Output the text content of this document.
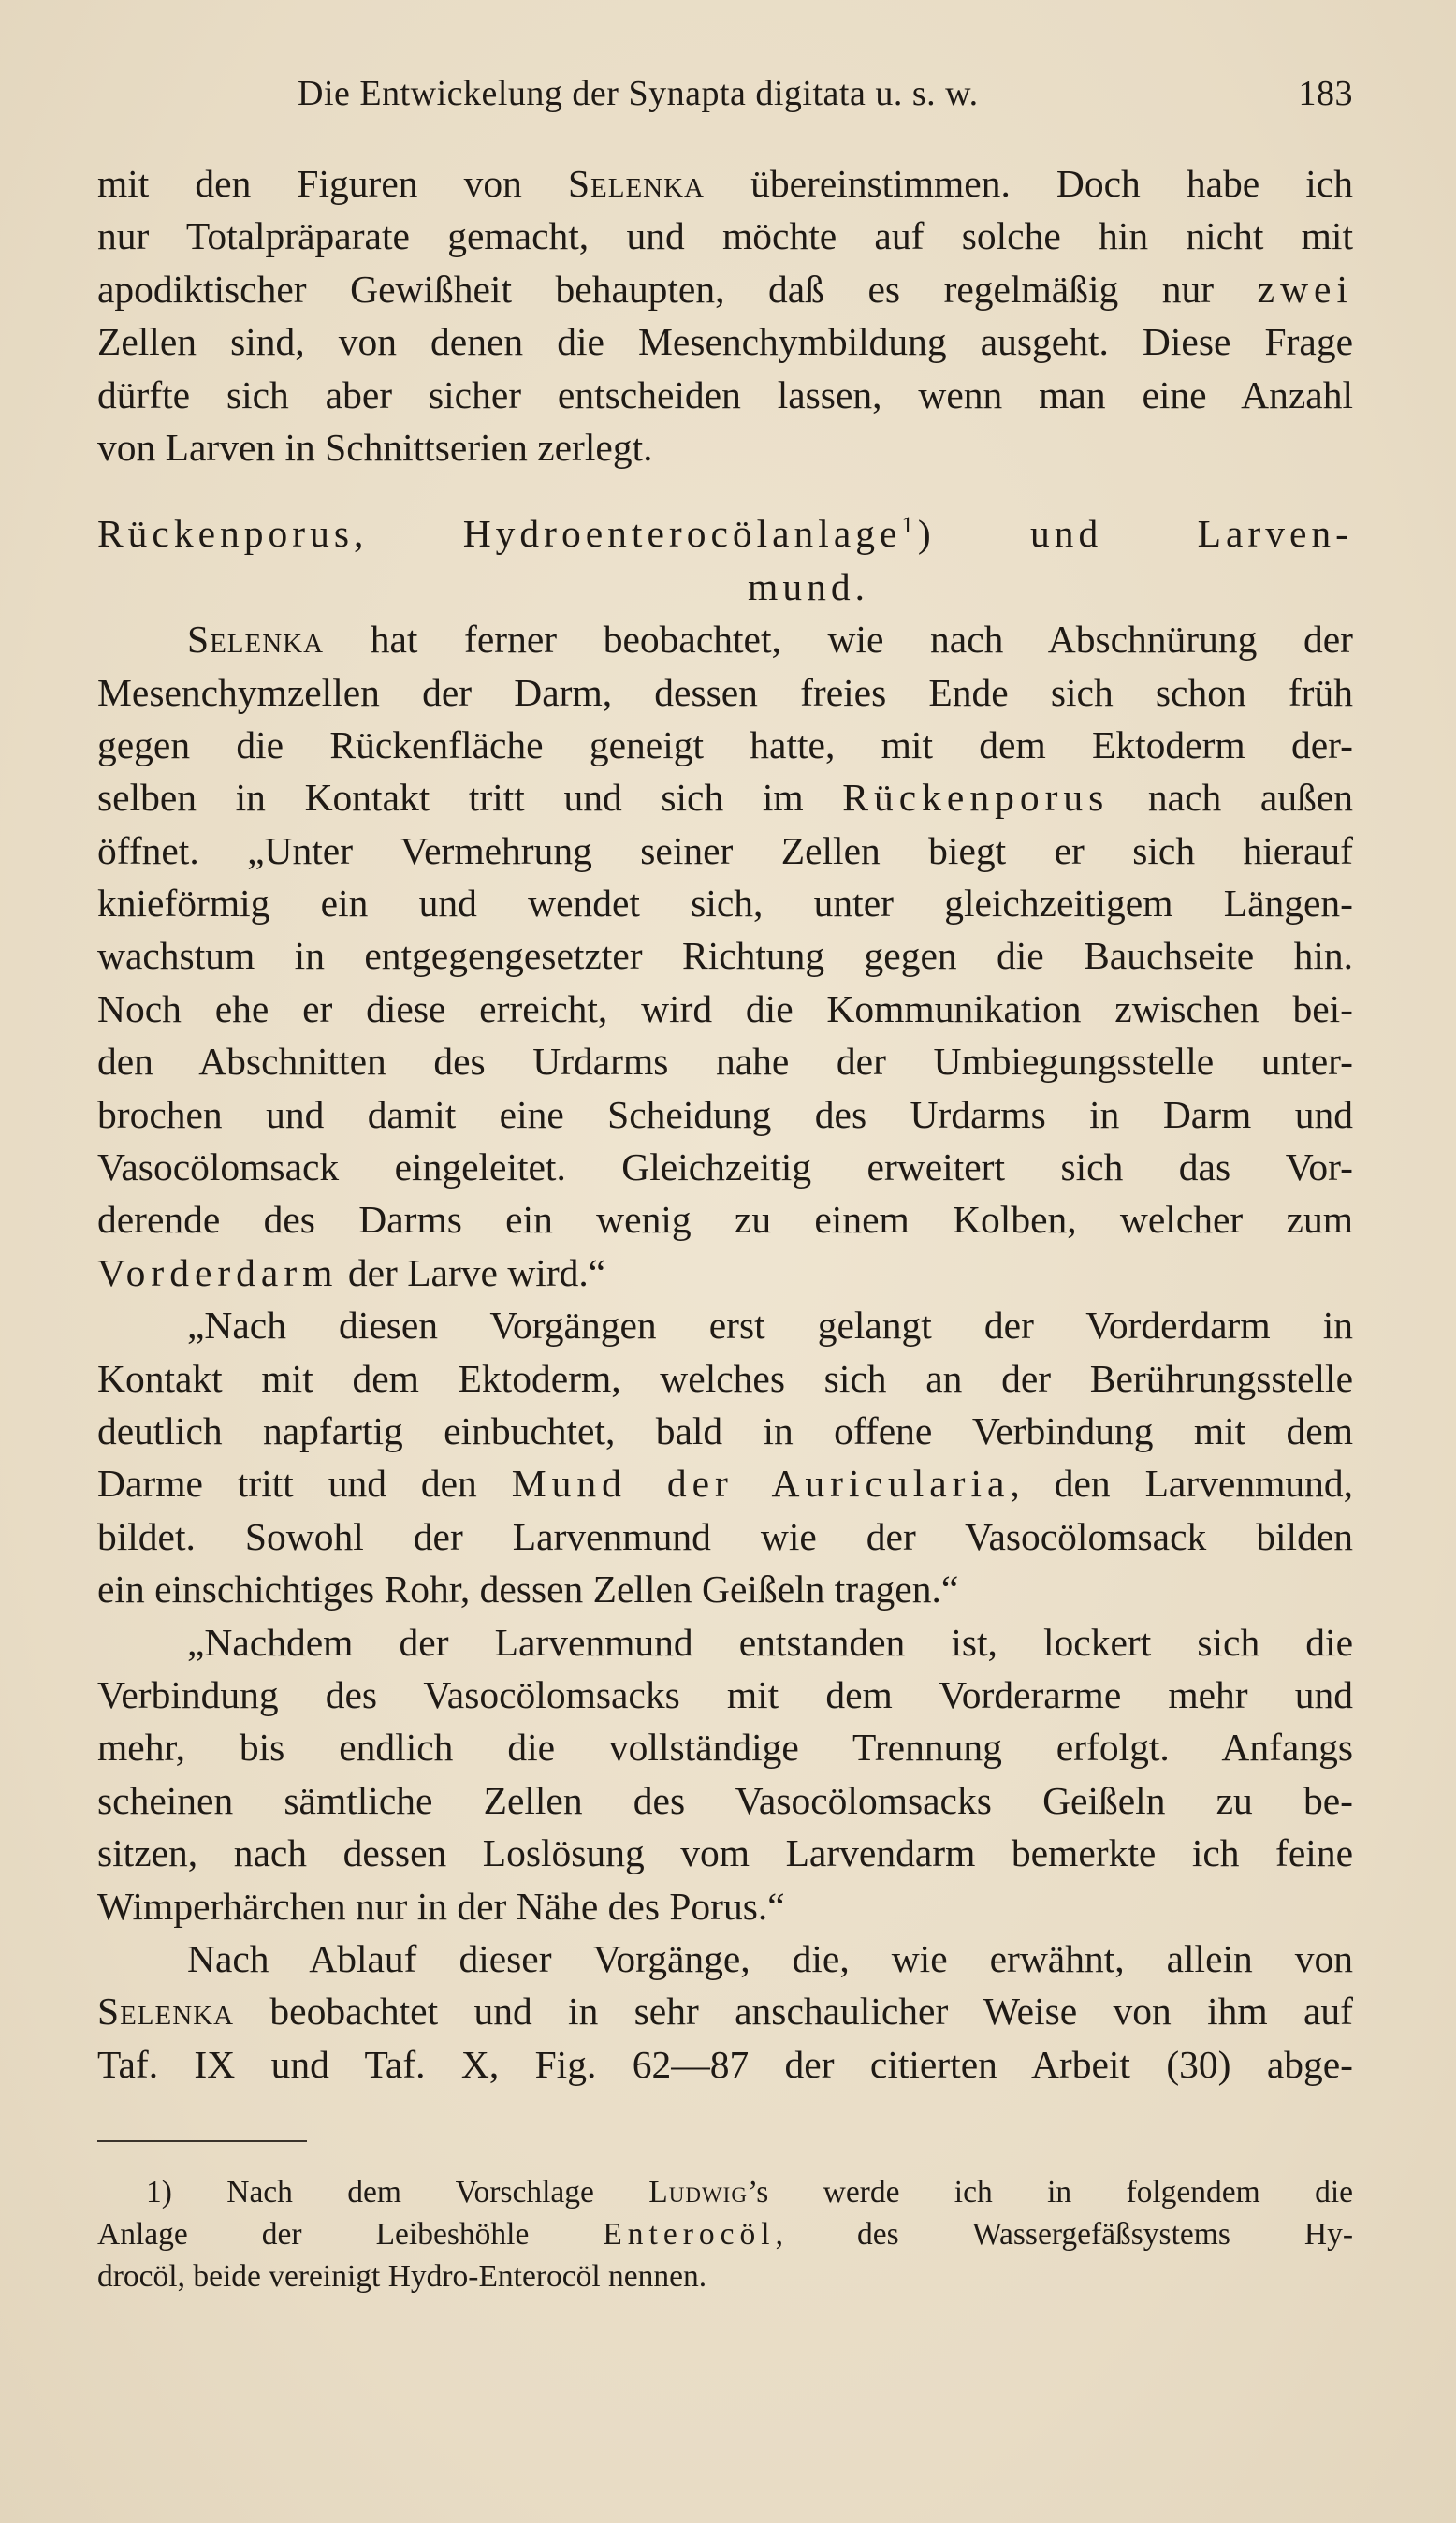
Die Entwickelung der Synapta digitata u. s. w.	183
mit den Figuren von Selenka übereinstimmen. Doch habe ich
nur Totalpräparate gemacht, und möchte auf solche hin nicht mit
apodiktischer Gewißheit behaupten, daß es regelmäßig nur zwei
Zellen sind, von denen die Mesenchymbildung ausgeht. Diese Frage
dürfte sich aber sicher entscheiden lassen, wenn man eine Anzahl
von Larven in Schnittserien zerlegt.
Rückenporus, Hydroenterocölanlage$^1$) und Larven-
mund.
Selenka hat ferner beobachtet, wie nach Abschnürung der
Mesenchymzellen der Darm, dessen freies Ende sich schon früh
gegen die Rückenfläche geneigt hatte, mit dem Ektoderm der-
selben in Kontakt tritt und sich im Rückenporus nach außen
öffnet. „Unter Vermehrung seiner Zellen biegt er sich hierauf
knieförmig ein und wendet sich, unter gleichzeitigem Längen-
wachstum in entgegengesetzter Richtung gegen die Bauchseite hin.
Noch ehe er diese erreicht, wird die Kommunikation zwischen bei-
den Abschnitten des Urdarms nahe der Umbiegungsstelle unter-
brochen und damit eine Scheidung des Urdarms in Darm und
Vasocölomsack eingeleitet. Gleichzeitig erweitert sich das Vor-
derende des Darms ein wenig zu einem Kolben, welcher zum
Vorderdarm der Larve wird.“
„Nach diesen Vorgängen erst gelangt der Vorderdarm in
Kontakt mit dem Ektoderm, welches sich an der Berührungsstelle
deutlich napfartig einbuchtet, bald in offene Verbindung mit dem
Darme tritt und den Mund der Auricularia, den Larvenmund,
bildet. Sowohl der Larvenmund wie der Vasocölomsack bilden
ein einschichtiges Rohr, dessen Zellen Geißeln tragen.“
„Nachdem der Larvenmund entstanden ist, lockert sich die
Verbindung des Vasocölomsacks mit dem Vorderarme mehr und
mehr, bis endlich die vollständige Trennung erfolgt. Anfangs
scheinen sämtliche Zellen des Vasocölomsacks Geißeln zu be-
sitzen, nach dessen Loslösung vom Larvendarm bemerkte ich feine
Wimperhärchen nur in der Nähe des Porus.“
Nach Ablauf dieser Vorgänge, die, wie erwähnt, allein von
Selenka beobachtet und in sehr anschaulicher Weise von ihm auf
Taf. IX und Taf. X, Fig. 62—87 der citierten Arbeit (30) abge-
1) Nach dem Vorschlage Ludwig’s werde ich in folgendem die
Anlage der Leibeshöhle Enterocöl, des Wassergefäßsystems Hy-
drocöl, beide vereinigt Hydro-Enterocöl nennen.
